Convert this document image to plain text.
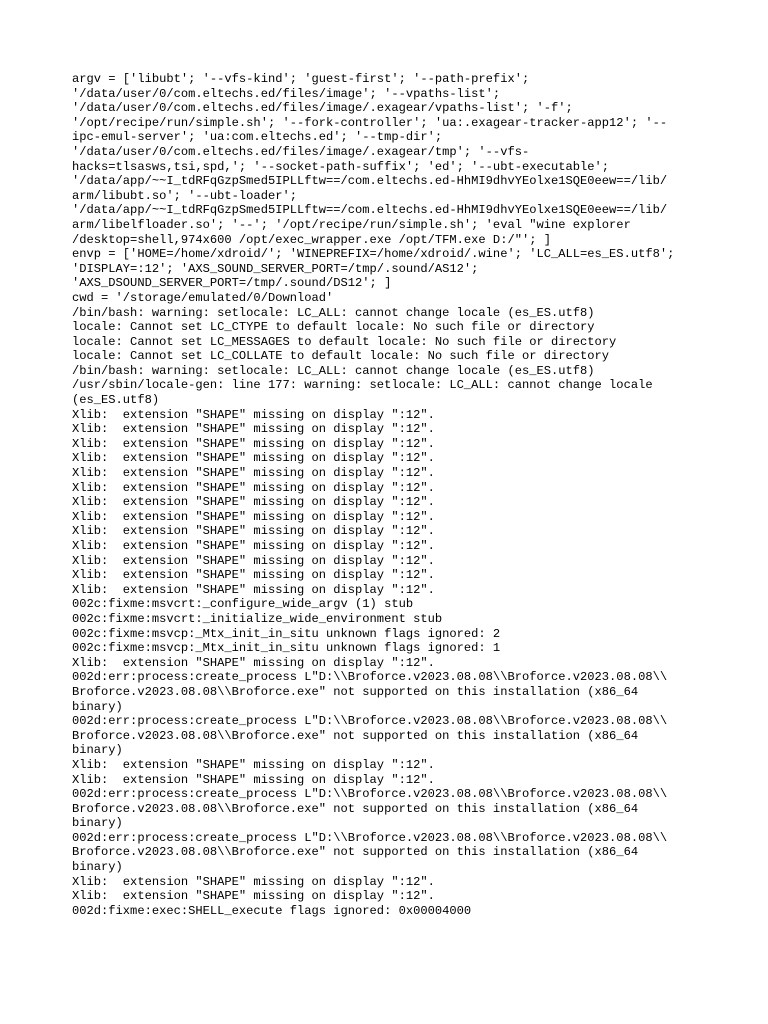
argv = ['libubt'; '--vfs-kind'; 'guest-first'; '--path-prefix';
'/data/user/0/com.eltechs.ed/files/image'; '--vpaths-list';
'/data/user/0/com.eltechs.ed/files/image/.exagear/vpaths-list'; '-f';
'/opt/recipe/run/simple.sh'; '--fork-controller'; 'ua:.exagear-tracker-app12'; '--
ipc-emul-server'; 'ua:com.eltechs.ed'; '--tmp-dir';
'/data/user/0/com.eltechs.ed/files/image/.exagear/tmp'; '--vfs-
hacks=tlsasws,tsi,spd,'; '--socket-path-suffix'; 'ed'; '--ubt-executable';
'/data/app/~~I_tdRFqGzpSmed5IPLLftw==/com.eltechs.ed-HhMI9dhvYEolxe1SQE0eew==/lib/
arm/libubt.so'; '--ubt-loader';
'/data/app/~~I_tdRFqGzpSmed5IPLLftw==/com.eltechs.ed-HhMI9dhvYEolxe1SQE0eew==/lib/
arm/libelfloader.so'; '--'; '/opt/recipe/run/simple.sh'; 'eval "wine explorer
/desktop=shell,974x600 /opt/exec_wrapper.exe /opt/TFM.exe D:/"'; ]
envp = ['HOME=/home/xdroid/'; 'WINEPREFIX=/home/xdroid/.wine'; 'LC_ALL=es_ES.utf8';
'DISPLAY=:12'; 'AXS_SOUND_SERVER_PORT=/tmp/.sound/AS12';
'AXS_DSOUND_SERVER_PORT=/tmp/.sound/DS12'; ]
cwd = '/storage/emulated/0/Download'
/bin/bash: warning: setlocale: LC_ALL: cannot change locale (es_ES.utf8)
locale: Cannot set LC_CTYPE to default locale: No such file or directory
locale: Cannot set LC_MESSAGES to default locale: No such file or directory
locale: Cannot set LC_COLLATE to default locale: No such file or directory
/bin/bash: warning: setlocale: LC_ALL: cannot change locale (es_ES.utf8)
/usr/sbin/locale-gen: line 177: warning: setlocale: LC_ALL: cannot change locale
(es_ES.utf8)
Xlib:  extension "SHAPE" missing on display ":12".
Xlib:  extension "SHAPE" missing on display ":12".
Xlib:  extension "SHAPE" missing on display ":12".
Xlib:  extension "SHAPE" missing on display ":12".
Xlib:  extension "SHAPE" missing on display ":12".
Xlib:  extension "SHAPE" missing on display ":12".
Xlib:  extension "SHAPE" missing on display ":12".
Xlib:  extension "SHAPE" missing on display ":12".
Xlib:  extension "SHAPE" missing on display ":12".
Xlib:  extension "SHAPE" missing on display ":12".
Xlib:  extension "SHAPE" missing on display ":12".
Xlib:  extension "SHAPE" missing on display ":12".
Xlib:  extension "SHAPE" missing on display ":12".
002c:fixme:msvcrt:_configure_wide_argv (1) stub
002c:fixme:msvcrt:_initialize_wide_environment stub
002c:fixme:msvcp:_Mtx_init_in_situ unknown flags ignored: 2
002c:fixme:msvcp:_Mtx_init_in_situ unknown flags ignored: 1
Xlib:  extension "SHAPE" missing on display ":12".
002d:err:process:create_process L"D:\\Broforce.v2023.08.08\\Broforce.v2023.08.08\\
Broforce.v2023.08.08\\Broforce.exe" not supported on this installation (x86_64
binary)
002d:err:process:create_process L"D:\\Broforce.v2023.08.08\\Broforce.v2023.08.08\\
Broforce.v2023.08.08\\Broforce.exe" not supported on this installation (x86_64
binary)
Xlib:  extension "SHAPE" missing on display ":12".
Xlib:  extension "SHAPE" missing on display ":12".
002d:err:process:create_process L"D:\\Broforce.v2023.08.08\\Broforce.v2023.08.08\\
Broforce.v2023.08.08\\Broforce.exe" not supported on this installation (x86_64
binary)
002d:err:process:create_process L"D:\\Broforce.v2023.08.08\\Broforce.v2023.08.08\\
Broforce.v2023.08.08\\Broforce.exe" not supported on this installation (x86_64
binary)
Xlib:  extension "SHAPE" missing on display ":12".
Xlib:  extension "SHAPE" missing on display ":12".
002d:fixme:exec:SHELL_execute flags ignored: 0x00004000
